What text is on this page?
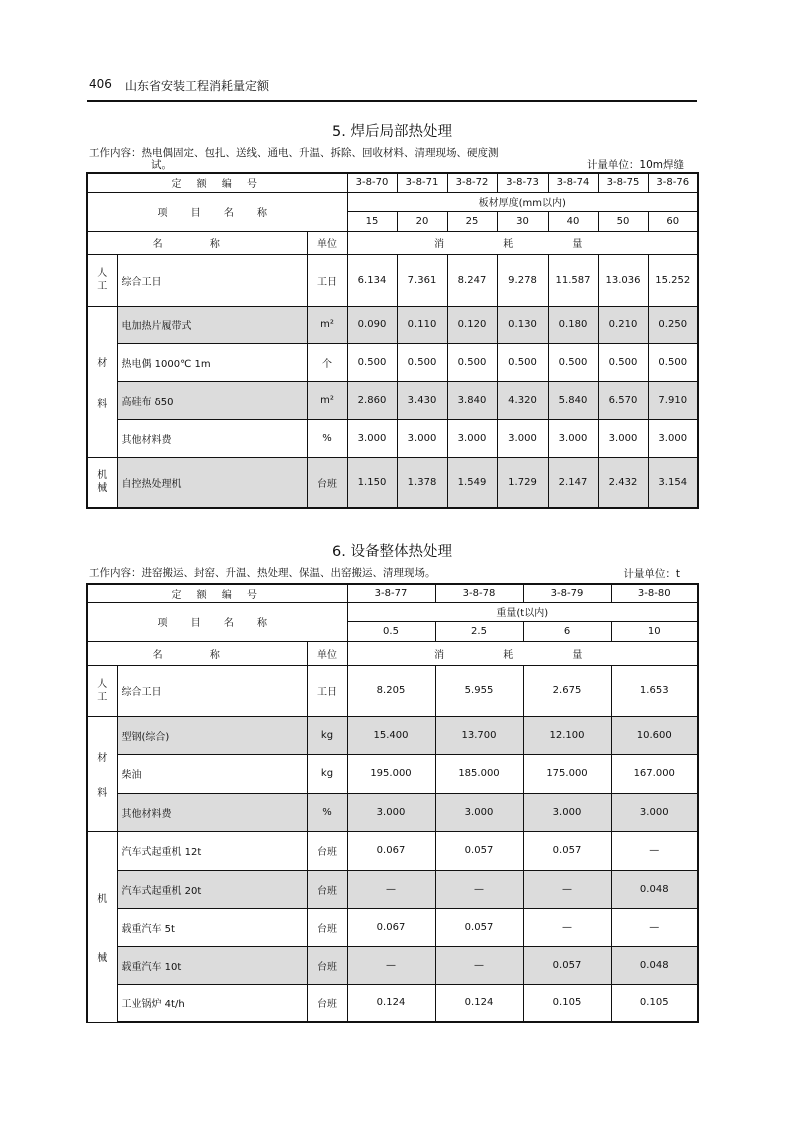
406 山东省安装工程消耗量定额
5. 焊后局部热处理
工作内容：热电偶固定、包扎、送线、通电、升温、拆除、回收材料、清理现场、硬度测
试。	计量单位：10m焊缝
定 额 编 号			3-8-70	3-8-71	3-8-72	3-8-73	3-8-74	3-8-75	3-8-76
项 目 名 称			板材厚度(mm以内)						
			15	20	25	30	40	50	60
名 称		单位	消 耗 量						
人工	综合工日	工日	6.134	7.361	8.247	9.278	11.587	13.036	15.252

材
料	电加热片履带式	m²	0.090	0.110	0.120	0.130	0.180	0.210	0.250
	热电偶 1000℃ 1m	个	0.500	0.500	0.500	0.500	0.500	0.500	0.500
	高硅布 δ50	m²	2.860	3.430	3.840	4.320	5.840	6.570	7.910
	其他材料费	%	3.000	3.000	3.000	3.000	3.000	3.000	3.000
机械	自控热处理机	台班	1.150	1.378	1.549	1.729	2.147	2.432	3.154
6. 设备整体热处理
工作内容：进窑搬运、封窑、升温、热处理、保温、出窑搬运、清理现场。	计量单位：t
定 额 编 号			3-8-77	3-8-78	3-8-79	3-8-80
项 目 名 称			重量(t以内)			
			0.5	2.5	6	10
名 称		单位	消 耗 量			
人工	综合工日	工日	8.205	5.955	2.675	1.653

材
料	型钢(综合)	kg	15.400	13.700	12.100	10.600
	柴油	kg	195.000	185.000	175.000	167.000
	其他材料费	%	3.000	3.000	3.000	3.000

机
械	汽车式起重机 12t	台班	0.067	0.057	0.057	—
	汽车式起重机 20t	台班	—	—	—	0.048
	载重汽车 5t	台班	0.067	0.057	—	—
	载重汽车 10t	台班	—	—	0.057	0.048
	工业锅炉 4t/h	台班	0.124	0.124	0.105	0.105
